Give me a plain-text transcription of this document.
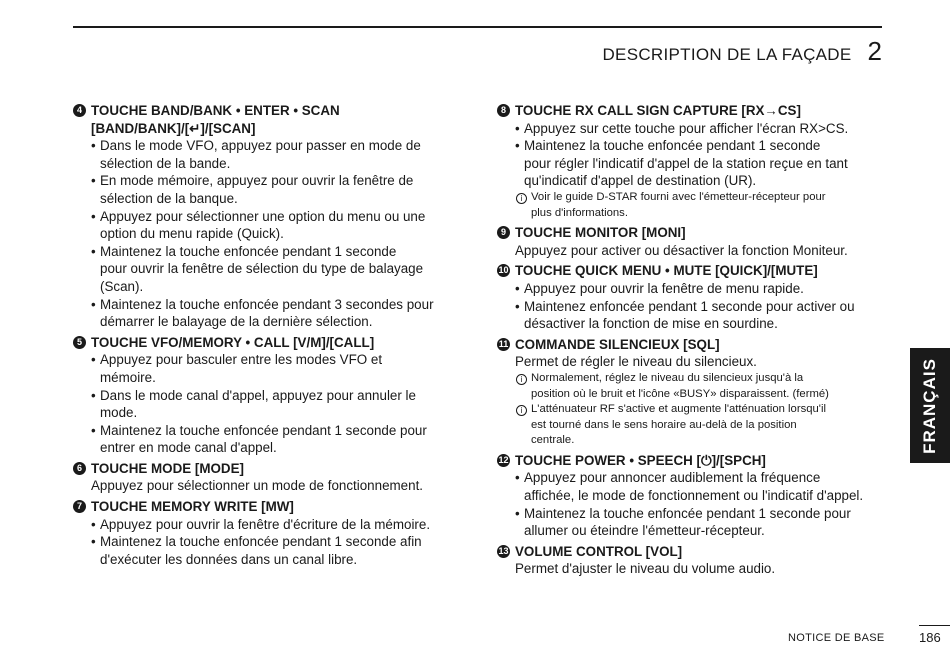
DESCRIPTION DE LA FAÇADE 2
4 TOUCHE BAND/BANK • ENTER • SCAN
[BAND/BANK]/[↵]/[SCAN]
• Dans le mode VFO, appuyez pour passer en mode de
sélection de la bande.
• En mode mémoire, appuyez pour ouvrir la fenêtre de
sélection de la banque.
• Appuyez pour sélectionner une option du menu ou une
option du menu rapide (Quick).
• Maintenez la touche enfoncée pendant 1 seconde
pour ouvrir la fenêtre de sélection du type de balayage
(Scan).
• Maintenez la touche enfoncée pendant 3 secondes pour
démarrer le balayage de la dernière sélection.
5 TOUCHE VFO/MEMORY • CALL [V/M]/[CALL]
• Appuyez pour basculer entre les modes VFO et
mémoire.
• Dans le mode canal d'appel, appuyez pour annuler le
mode.
• Maintenez la touche enfoncée pendant 1 seconde pour
entrer en mode canal d'appel.
6 TOUCHE MODE [MODE]
Appuyez pour sélectionner un mode de fonctionnement.
7 TOUCHE MEMORY WRITE [MW]
• Appuyez pour ouvrir la fenêtre d'écriture de la mémoire.
• Maintenez la touche enfoncée pendant 1 seconde afin
d'exécuter les données dans un canal libre.
8 TOUCHE RX CALL SIGN CAPTURE [RX→CS]
• Appuyez sur cette touche pour afficher l'écran RX>CS.
• Maintenez la touche enfoncée pendant 1 seconde
pour régler l'indicatif d'appel de la station reçue en tant
qu'indicatif d'appel de destination (UR).
i Voir le guide D-STAR fourni avec l'émetteur-récepteur pour
plus d'informations.
9 TOUCHE MONITOR [MONI]
Appuyez pour activer ou désactiver la fonction Moniteur.
10 TOUCHE QUICK MENU • MUTE [QUICK]/[MUTE]
• Appuyez pour ouvrir la fenêtre de menu rapide.
• Maintenez enfoncée pendant 1 seconde pour activer ou
désactiver la fonction de mise en sourdine.
11 COMMANDE SILENCIEUX [SQL]
Permet de régler le niveau du silencieux.
i Normalement, réglez le niveau du silencieux jusqu'à la
position où le bruit et l'icône «BUSY» disparaissent. (fermé)
i L'atténuateur RF s'active et augmente l'atténuation lorsqu'il
est tourné dans le sens horaire au-delà de la position
centrale.
12 TOUCHE POWER • SPEECH [⏻]/[SPCH]
• Appuyez pour annoncer audiblement la fréquence
affichée, le mode de fonctionnement ou l'indicatif d'appel.
• Maintenez la touche enfoncée pendant 1 seconde pour
allumer ou éteindre l'émetteur-récepteur.
13 VOLUME CONTROL [VOL]
Permet d'ajuster le niveau du volume audio.
FRANÇAIS
NOTICE DE BASE	186
